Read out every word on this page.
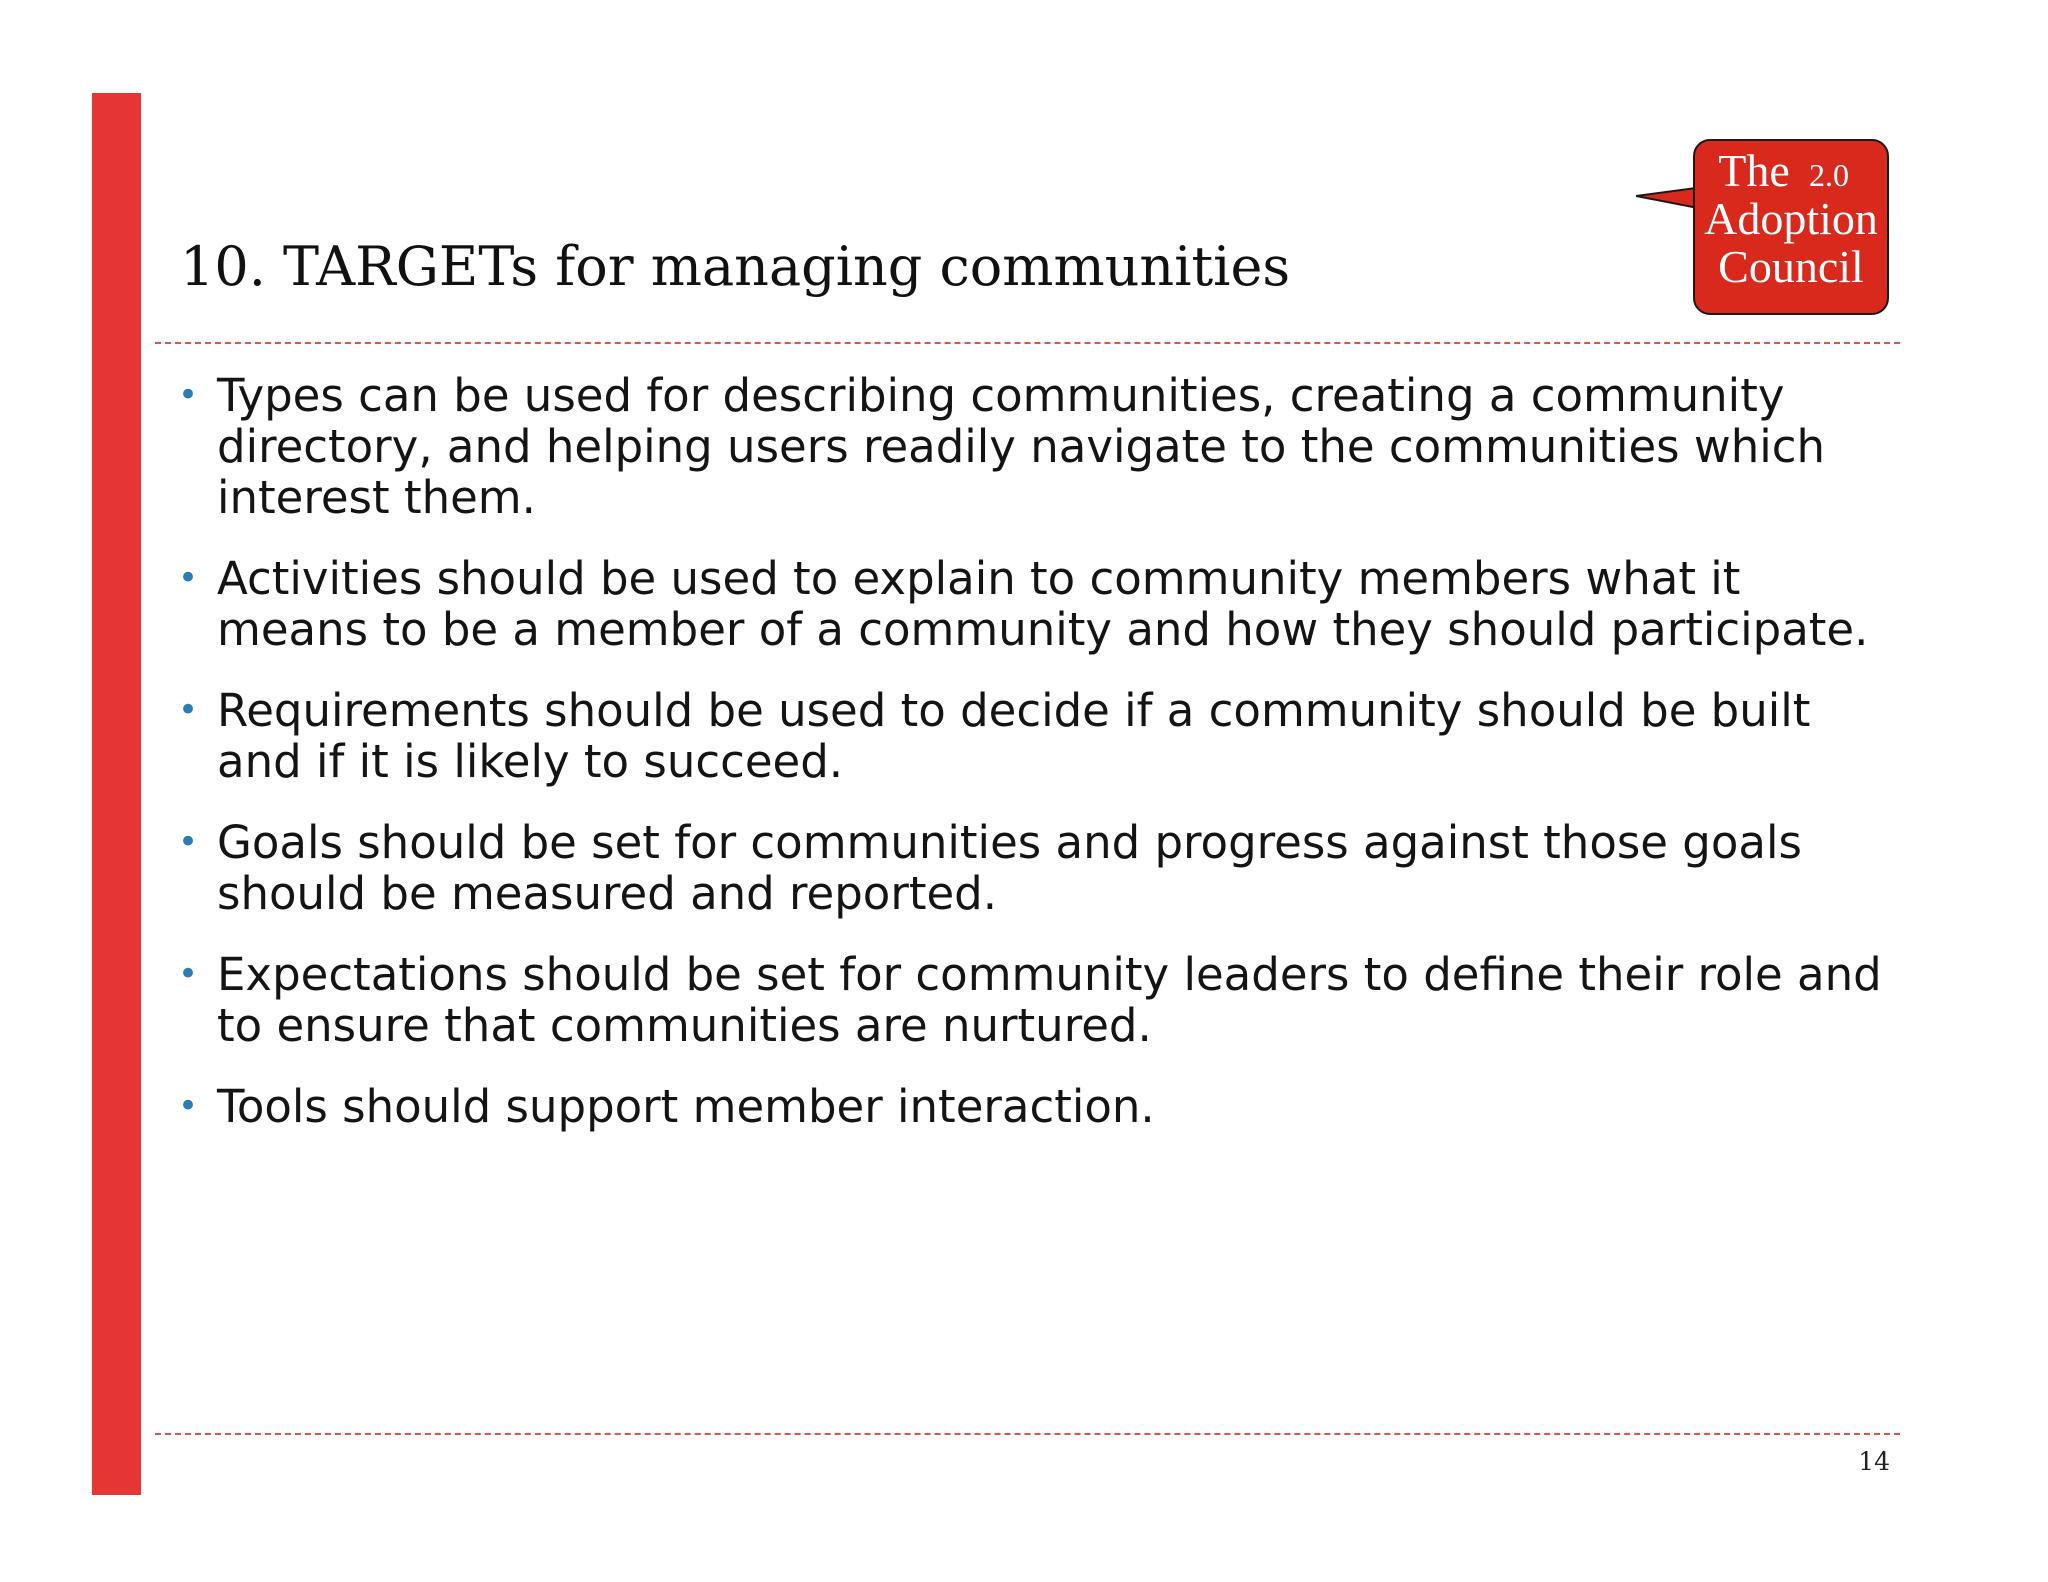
10. TARGETs for managing communities
The 2.0
Adoption
Council
• Types can be used for describing communities, creating a community directory, and helping users readily navigate to the communities which interest them.
• Activities should be used to explain to community members what it means to be a member of a community and how they should participate.
• Requirements should be used to decide if a community should be built and if it is likely to succeed.
• Goals should be set for communities and progress against those goals should be measured and reported.
• Expectations should be set for community leaders to define their role and to ensure that communities are nurtured.
• Tools should support member interaction.
14
